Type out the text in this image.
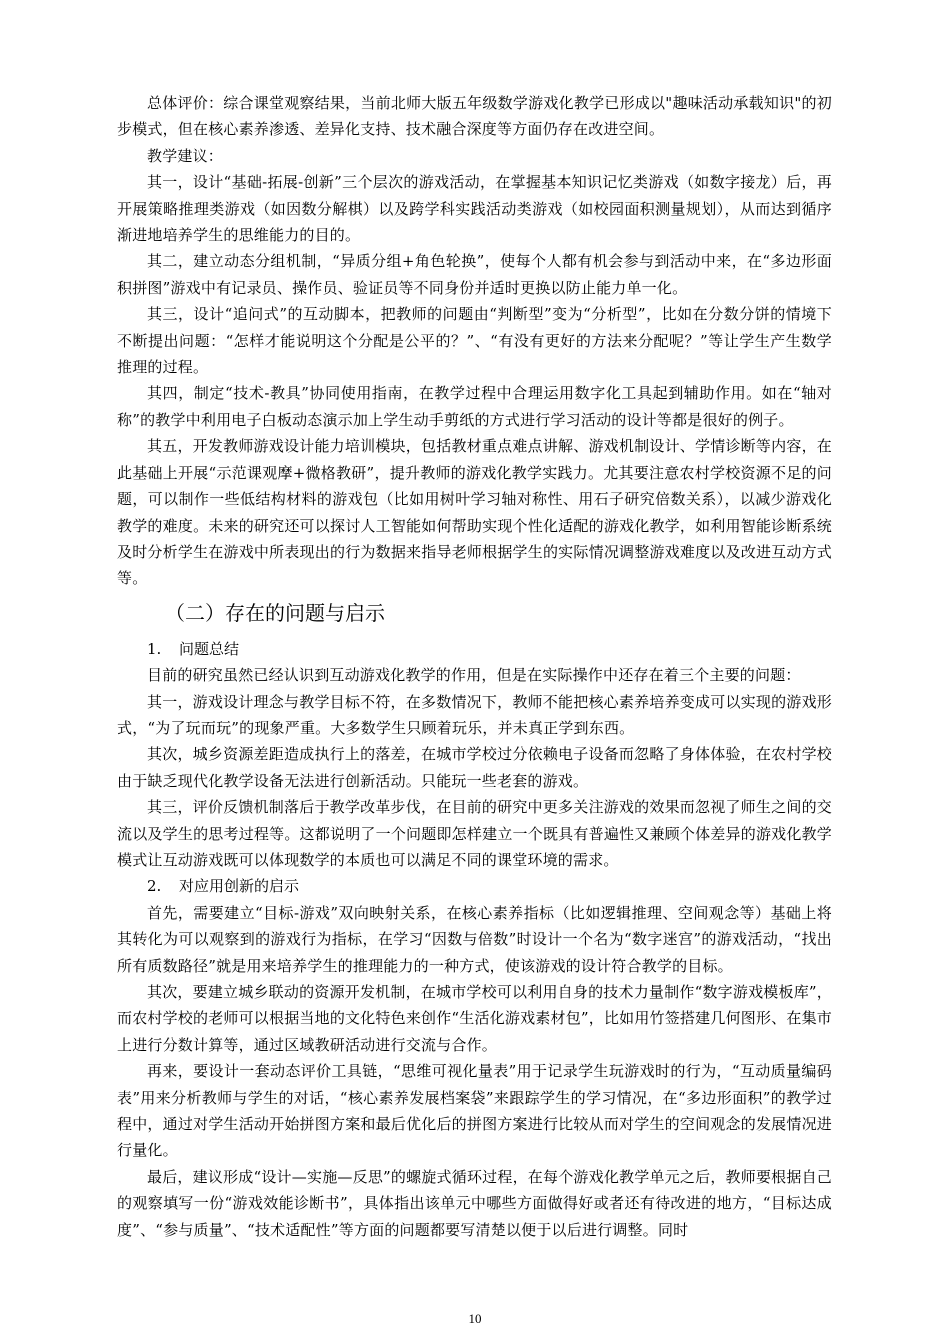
总体评价：综合课堂观察结果，当前北师大版五年级数学游戏化教学已形成以"趣味活动承载知识"的初步模式，但在核心素养渗透、差异化支持、技术融合深度等方面仍存在改进空间。

教学建议：

其一，设计“基础-拓展-创新”三个层次的游戏活动，在掌握基本知识记忆类游戏（如数字接龙）后，再开展策略推理类游戏（如因数分解棋）以及跨学科实践活动类游戏（如校园面积测量规划），从而达到循序渐进地培养学生的思维能力的目的。

其二，建立动态分组机制，“异质分组+角色轮换”，使每个人都有机会参与到活动中来，在“多边形面积拼图”游戏中有记录员、操作员、验证员等不同身份并适时更换以防止能力单一化。

其三，设计“追问式”的互动脚本，把教师的问题由“判断型”变为“分析型”，比如在分数分饼的情境下不断提出问题：“怎样才能说明这个分配是公平的？”、“有没有更好的方法来分配呢？”等让学生产生数学推理的过程。

其四，制定“技术-教具”协同使用指南，在教学过程中合理运用数字化工具起到辅助作用。如在“轴对称”的教学中利用电子白板动态演示加上学生动手剪纸的方式进行学习活动的设计等都是很好的例子。

其五，开发教师游戏设计能力培训模块，包括教材重点难点讲解、游戏机制设计、学情诊断等内容，在此基础上开展“示范课观摩+微格教研”，提升教师的游戏化教学实践力。尤其要注意农村学校资源不足的问题，可以制作一些低结构材料的游戏包（比如用树叶学习轴对称性、用石子研究倍数关系），以减少游戏化教学的难度。未来的研究还可以探讨人工智能如何帮助实现个性化适配的游戏化教学，如利用智能诊断系统及时分析学生在游戏中所表现出的行为数据来指导老师根据学生的实际情况调整游戏难度以及改进互动方式等。

（二）存在的问题与启示

1. 问题总结

目前的研究虽然已经认识到互动游戏化教学的作用，但是在实际操作中还存在着三个主要的问题：

其一，游戏设计理念与教学目标不符，在多数情况下，教师不能把核心素养培养变成可以实现的游戏形式，“为了玩而玩”的现象严重。大多数学生只顾着玩乐，并未真正学到东西。

其次，城乡资源差距造成执行上的落差，在城市学校过分依赖电子设备而忽略了身体体验，在农村学校由于缺乏现代化教学设备无法进行创新活动。只能玩一些老套的游戏。

其三，评价反馈机制落后于教学改革步伐，在目前的研究中更多关注游戏的效果而忽视了师生之间的交流以及学生的思考过程等。这都说明了一个问题即怎样建立一个既具有普遍性又兼顾个体差异的游戏化教学模式让互动游戏既可以体现数学的本质也可以满足不同的课堂环境的需求。

2. 对应用创新的启示

首先，需要建立“目标-游戏”双向映射关系，在核心素养指标（比如逻辑推理、空间观念等）基础上将其转化为可以观察到的游戏行为指标，在学习“因数与倍数”时设计一个名为“数字迷宫”的游戏活动，“找出所有质数路径”就是用来培养学生的推理能力的一种方式，使该游戏的设计符合教学的目标。

其次，要建立城乡联动的资源开发机制，在城市学校可以利用自身的技术力量制作“数字游戏模板库”，而农村学校的老师可以根据当地的文化特色来创作“生活化游戏素材包”，比如用竹签搭建几何图形、在集市上进行分数计算等，通过区域教研活动进行交流与合作。

再来，要设计一套动态评价工具链，“思维可视化量表”用于记录学生玩游戏时的行为，“互动质量编码表”用来分析教师与学生的对话，“核心素养发展档案袋”来跟踪学生的学习情况，在“多边形面积”的教学过程中，通过对学生活动开始拼图方案和最后优化后的拼图方案进行比较从而对学生的空间观念的发展情况进行量化。

最后，建议形成“设计—实施—反思”的螺旋式循环过程，在每个游戏化教学单元之后，教师要根据自己的观察填写一份“游戏效能诊断书”，具体指出该单元中哪些方面做得好或者还有待改进的地方，“目标达成度”、“参与质量”、“技术适配性”等方面的问题都要写清楚以便于以后进行调整。同时

10
